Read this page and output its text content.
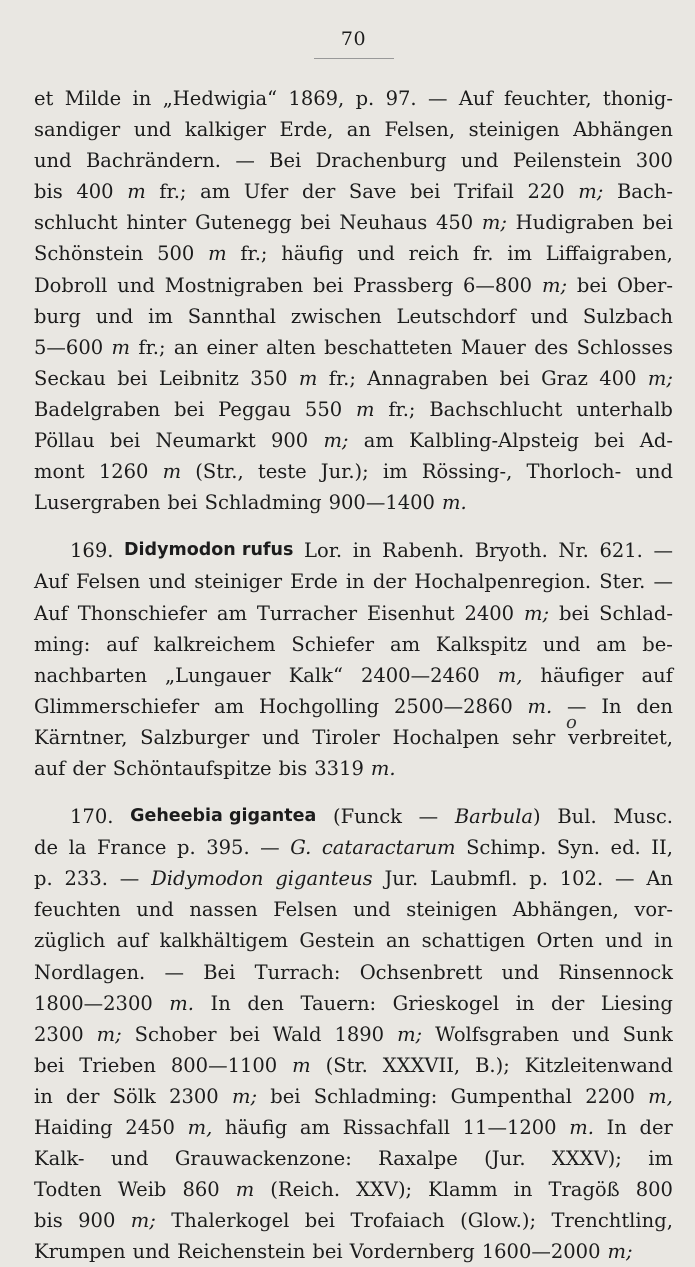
70
et Milde in „Hedwigia“ 1869, p. 97. — Auf feuchter, thonig-
sandiger und kalkiger Erde, an Felsen, steinigen Abhängen
und Bachrändern. — Bei Drachenburg und Peilenstein 300
bis 400 m fr.; am Ufer der Save bei Trifail 220 m; Bach-
schlucht hinter Gutenegg bei Neuhaus 450 m; Hudigraben bei
Schönstein 500 m fr.; häufig und reich fr. im Liffaigraben,
Dobroll und Mostnigraben bei Prassberg 6—800 m; bei Ober-
burg und im Sannthal zwischen Leutschdorf und Sulzbach
5—600 m fr.; an einer alten beschatteten Mauer des Schlosses
Seckau bei Leibnitz 350 m fr.; Annagraben bei Graz 400 m;
Badelgraben bei Peggau 550 m fr.; Bachschlucht unterhalb
Pöllau bei Neumarkt 900 m; am Kalbling-Alpsteig bei Ad-
mont 1260 m (Str., teste Jur.); im Rössing-, Thorloch- und
Lusergraben bei Schladming 900—1400 m.
169. Didymodon rufus Lor. in Rabenh. Bryoth. Nr. 621. —
Auf Felsen und steiniger Erde in der Hochalpenregion. Ster. —
Auf Thonschiefer am Turracher Eisenhut 2400 m; bei Schlad-
ming: auf kalkreichem Schiefer am Kalkspitz und am be-
nachbarten „Lungauer Kalk“ 2400—2460 m, häufiger auf
Glimmerschiefer am Hochgolling 2500—2860 m. — In den
Kärntner, Salzburger und Tiroler Hochalpen sehr verbreitet,
auf der Schöntaufspitze bis 3319 m.
170. Geheebia gigantea (Funck — Barbula) Bul. Musc.
de la France p. 395. — G. cataractarum Schimp. Syn. ed. II,
p. 233. — Didymodon giganteus Jur. Laubmfl. p. 102. — An
feuchten und nassen Felsen und steinigen Abhängen, vor-
züglich auf kalkhältigem Gestein an schattigen Orten und in
Nordlagen. — Bei Turrach: Ochsenbrett und Rinsennock
1800—2300 m. In den Tauern: Grieskogel in der Liesing
2300 m; Schober bei Wald 1890 m; Wolfsgraben und Sunk
bei Trieben 800—1100 m (Str. XXXVII, B.); Kitzleitenwand
in der Sölk 2300 m; bei Schladming: Gumpenthal 2200 m,
Haiding 2450 m, häufig am Rissachfall 11—1200 m. In der
Kalk- und Grauwackenzone: Raxalpe (Jur. XXXV); im
Todten Weib 860 m (Reich. XXV); Klamm in Tragöß 800
bis 900 m; Thalerkogel bei Trofaiach (Glow.); Trenchtling,
Krumpen und Reichenstein bei Vordernberg 1600—2000 m;
o
